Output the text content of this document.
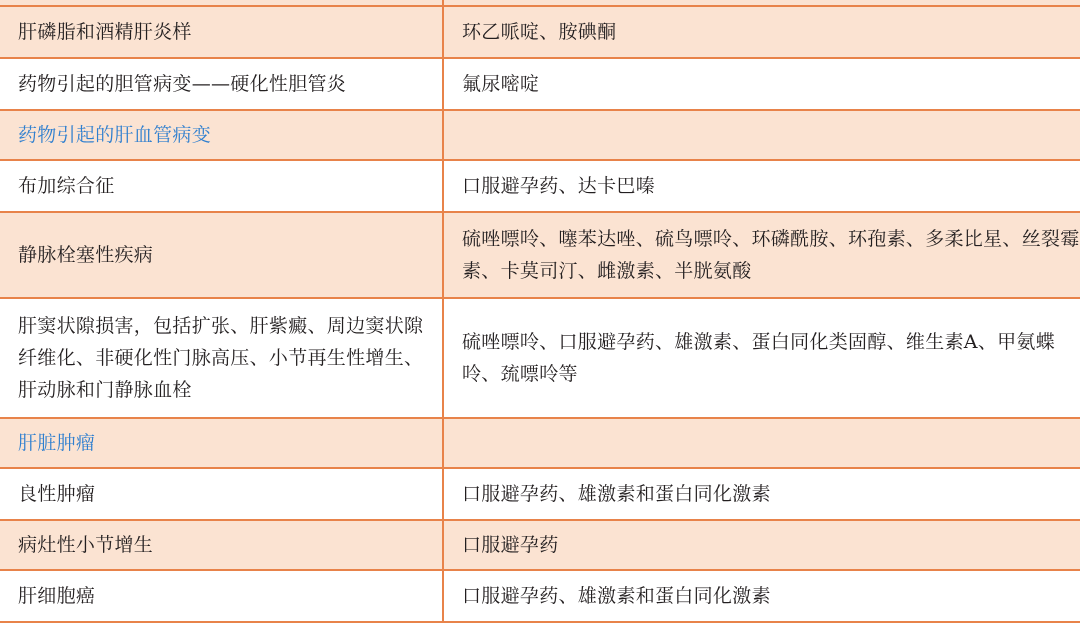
肝磷脂和酒精肝炎样	环乙哌啶、胺碘酮
药物引起的胆管病变——硬化性胆管炎	氟尿嘧啶
药物引起的肝血管病变	
布加综合征	口服避孕药、达卡巴嗪
静脉栓塞性疾病	硫唑嘌呤、噻苯达唑、硫鸟嘌呤、环磷酰胺、环孢素、多柔比星、丝裂霉素、卡莫司汀、雌激素、半胱氨酸
肝窦状隙损害，包括扩张、肝紫癜、周边窦状隙纤维化、非硬化性门脉高压、小节再生性增生、肝动脉和门静脉血栓	硫唑嘌呤、口服避孕药、雄激素、蛋白同化类固醇、维生素A、甲氨蝶呤、巯嘌呤等
肝脏肿瘤	
良性肿瘤	口服避孕药、雄激素和蛋白同化激素
病灶性小节增生	口服避孕药
肝细胞癌	口服避孕药、雄激素和蛋白同化激素
